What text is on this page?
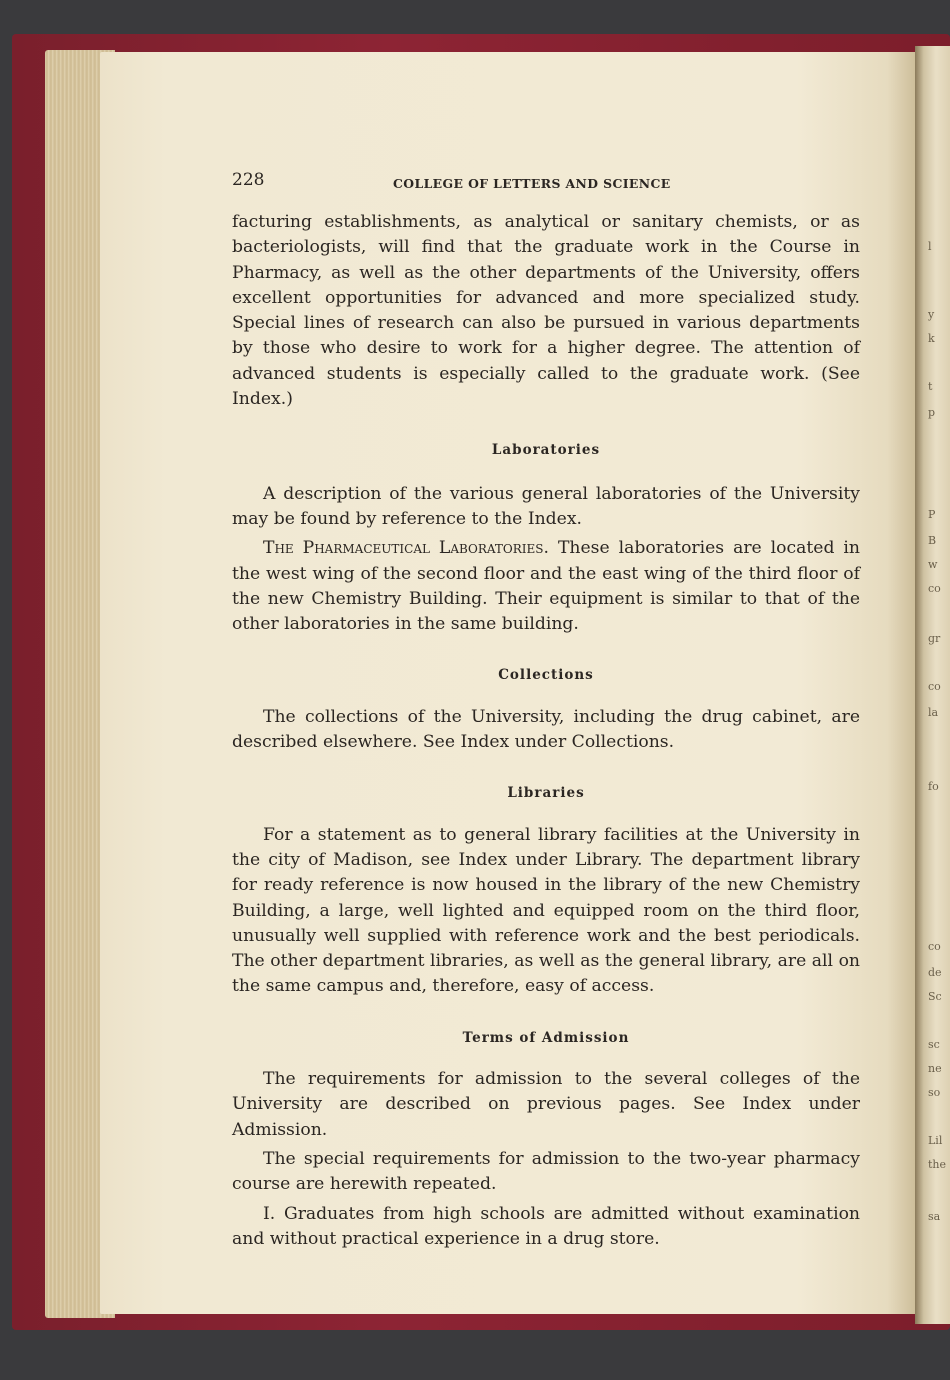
l
y
k
t
p
P
B
w
co
gr
co
la
fo
co
de
Sc
sc
ne
so
Lil
the
sa
228	COLLEGE OF LETTERS AND SCIENCE

facturing establishments, as analytical or sanitary chemists, or as bacteriologists, will find that the graduate work in the Course in Pharmacy, as well as the other departments of the University, offers excellent opportunities for advanced and more specialized study. Special lines of research can also be pursued in various departments by those who desire to work for a higher degree. The attention of advanced students is especially called to the graduate work. (See Index.)

Laboratories

A description of the various general laboratories of the University may be found by reference to the Index.

The Pharmaceutical Laboratories. These laboratories are located in the west wing of the second floor and the east wing of the third floor of the new Chemistry Building. Their equipment is similar to that of the other laboratories in the same building.

Collections

The collections of the University, including the drug cabinet, are described elsewhere. See Index under Collections.

Libraries

For a statement as to general library facilities at the University in the city of Madison, see Index under Library. The department library for ready reference is now housed in the library of the new Chemistry Building, a large, well lighted and equipped room on the third floor, unusually well supplied with reference work and the best periodicals. The other department libraries, as well as the general library, are all on the same campus and, therefore, easy of access.

Terms of Admission

The requirements for admission to the several colleges of the University are described on previous pages. See Index under Admission.

The special requirements for admission to the two-year pharmacy course are herewith repeated.

I. Graduates from high schools are admitted without examination and without practical experience in a drug store.
